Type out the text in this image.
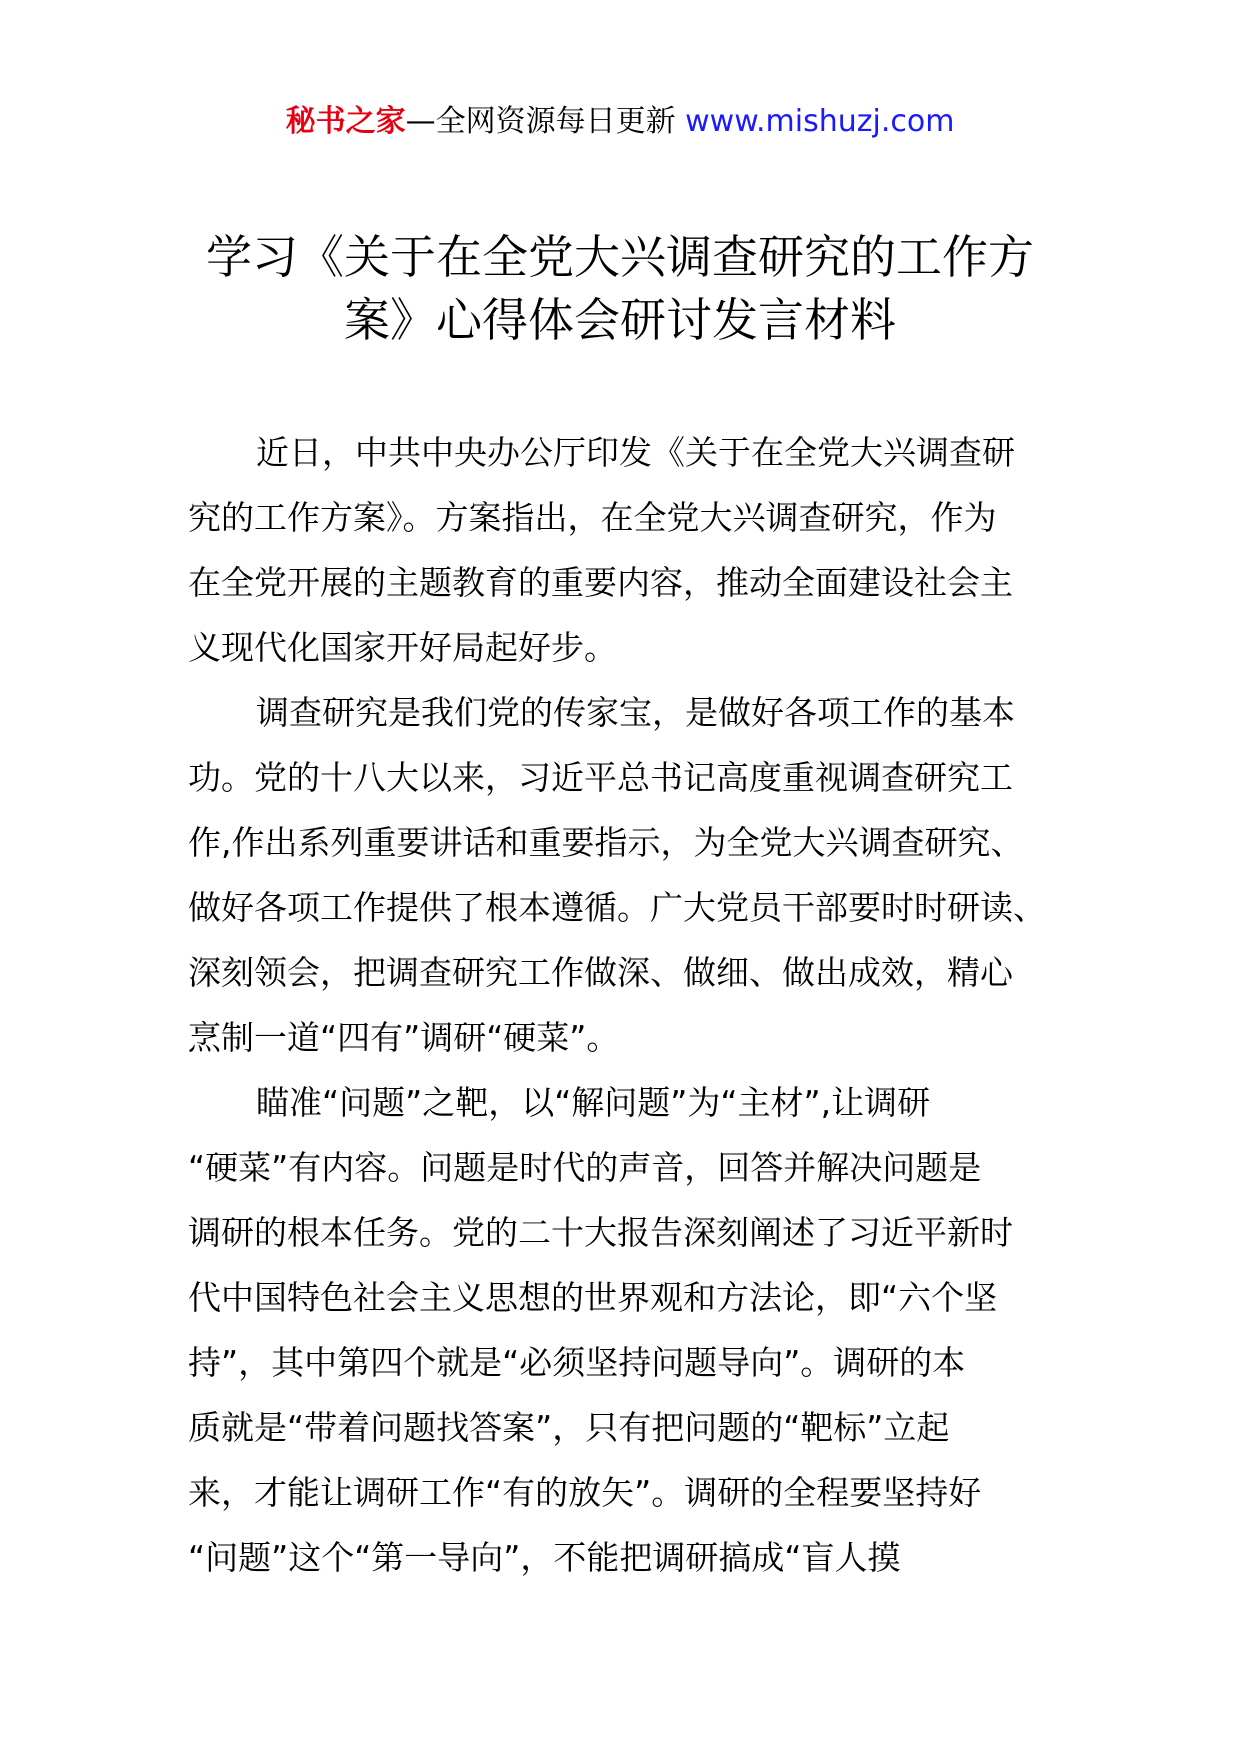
秘书之家—全网资源每日更新 www.mishuzj.com
学习《关于在全党大兴调查研究的工作方
案》心得体会研讨发言材料
近日，中共中央办公厅印发《关于在全党大兴调查研
究的工作方案》。方案指出，在全党大兴调查研究，作为
在全党开展的主题教育的重要内容，推动全面建设社会主
义现代化国家开好局起好步。
调查研究是我们党的传家宝，是做好各项工作的基本
功。党的十八大以来，习近平总书记高度重视调查研究工
作,作出系列重要讲话和重要指示，为全党大兴调查研究、
做好各项工作提供了根本遵循。广大党员干部要时时研读、
深刻领会，把调查研究工作做深、做细、做出成效，精心
烹制一道“四有”调研“硬菜”。
瞄准“问题”之靶，以“解问题”为“主材”,让调研
“硬菜”有内容。问题是时代的声音，回答并解决问题是
调研的根本任务。党的二十大报告深刻阐述了习近平新时
代中国特色社会主义思想的世界观和方法论，即“六个坚
持”，其中第四个就是“必须坚持问题导向”。调研的本
质就是“带着问题找答案”，只有把问题的“靶标”立起
来，才能让调研工作“有的放矢”。调研的全程要坚持好
“问题”这个“第一导向”，不能把调研搞成“盲人摸
